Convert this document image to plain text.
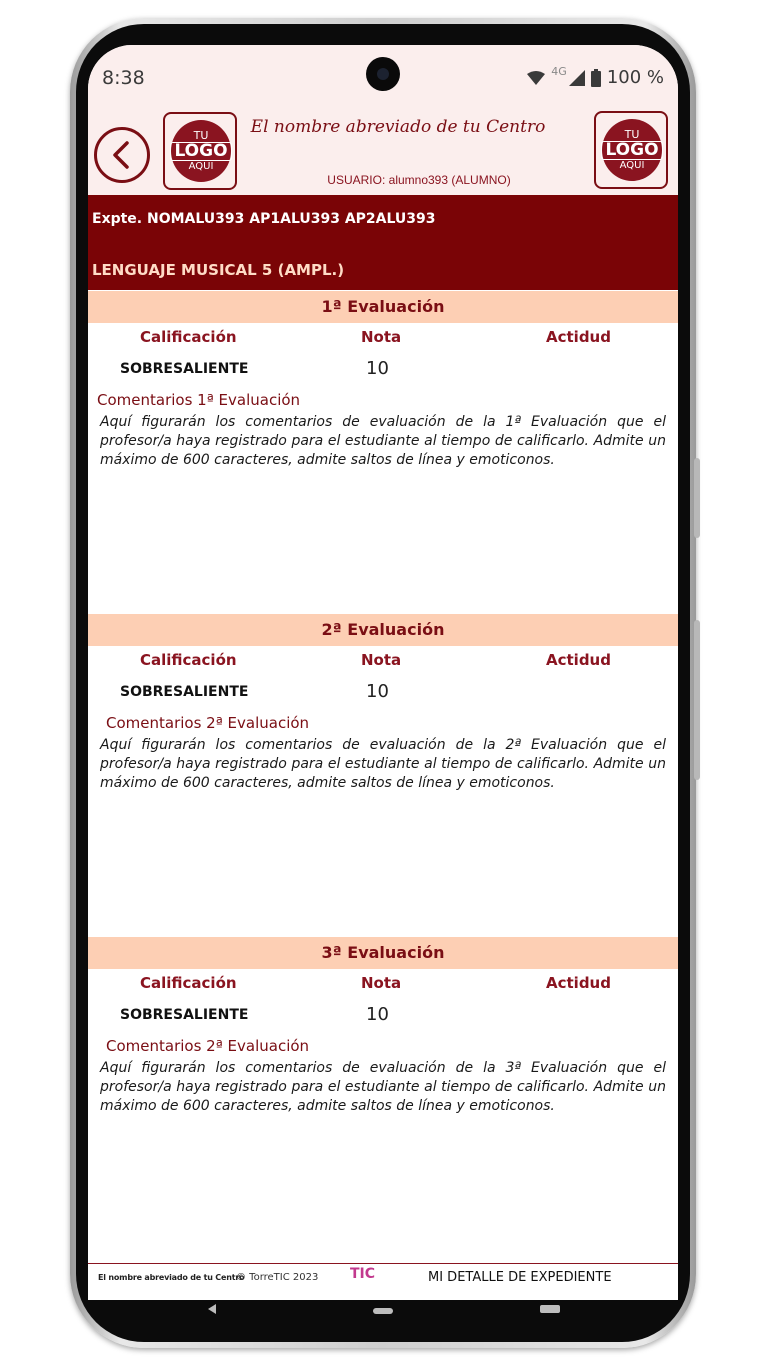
8:38	4G 100 %
TU
LOGO
AQUI
El nombre abreviado de tu Centro
USUARIO: alumno393 (ALUMNO)
TU
LOGO
AQUI
Expte. NOMALU393 AP1ALU393 AP2ALU393
LENGUAJE MUSICAL 5 (AMPL.)
1ª Evaluación
Calificación	Nota	Actidud
SOBRESALIENTE	10
Comentarios 1ª Evaluación
Aquí figurarán los comentarios de evaluación de la 1ª Evaluación que el profesor/a haya registrado para el estudiante al tiempo de calificarlo. Admite un máximo de 600 caracteres, admite saltos de línea y emoticonos.
2ª Evaluación
Calificación	Nota	Actidud
SOBRESALIENTE	10
Comentarios 2ª Evaluación
Aquí figurarán los comentarios de evaluación de la 2ª Evaluación que el profesor/a haya registrado para el estudiante al tiempo de calificarlo. Admite un máximo de 600 caracteres, admite saltos de línea y emoticonos.
3ª Evaluación
Calificación	Nota	Actidud
SOBRESALIENTE	10
Comentarios 2ª Evaluación
Aquí figurarán los comentarios de evaluación de la 3ª Evaluación que el profesor/a haya registrado para el estudiante al tiempo de calificarlo. Admite un máximo de 600 caracteres, admite saltos de línea y emoticonos.
El nombre abreviado de tu Centro
© TorreTIC 2023 TIC	MI DETALLE DE EXPEDIENTE
